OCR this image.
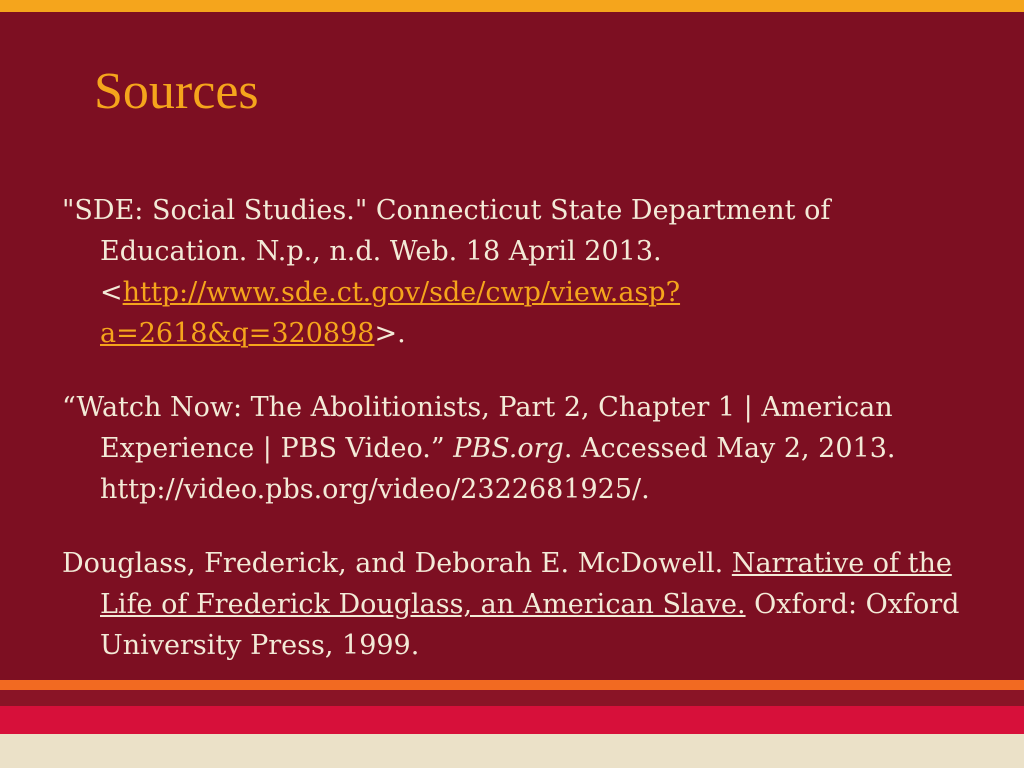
Sources

"SDE: Social Studies." Connecticut State Department of Education. N.p., n.d. Web. 18 April 2013. <http://www.sde.ct.gov/sde/cwp/view.asp?a=2618&q=320898>.

“Watch Now: The Abolitionists, Part 2, Chapter 1 | American Experience | PBS Video.” PBS.org. Accessed May 2, 2013. http://video.pbs.org/video/2322681925/.

Douglass, Frederick, and Deborah E. McDowell. Narrative of the Life of Frederick Douglass, an American Slave. Oxford: Oxford University Press, 1999.
